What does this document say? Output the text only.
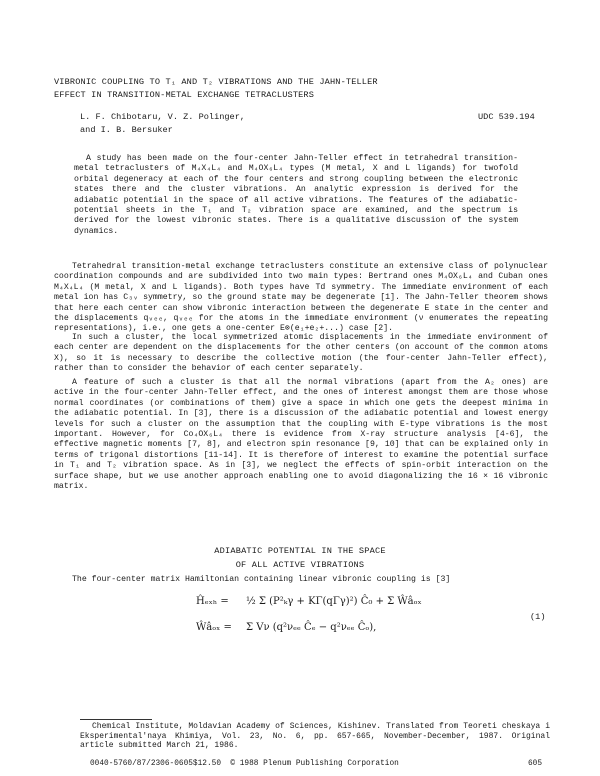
VIBRONIC COUPLING TO T₁ AND T₂ VIBRATIONS AND THE JAHN-TELLER
EFFECT IN TRANSITION-METAL EXCHANGE TETRACLUSTERS
L. F. Chibotaru, V. Z. Polinger,
and I. B. Bersuker
UDC 539.194

A study has been made on the four-center Jahn-Teller effect in tetrahedral transition-metal tetraclusters of M₄X₄L₄ and M₄OX₆L₄ types (M metal, X and L ligands) for twofold orbital degeneracy at each of the four centers and strong coupling between the electronic states there and the cluster vibrations. An analytic expression is derived for the adiabatic potential in the space of all active vibrations. The features of the adiabatic-potential sheets in the T₁ and T₂ vibration space are examined, and the spectrum is derived for the lowest vibronic states. There is a qualitative discussion of the system dynamics.

Tetrahedral transition-metal exchange tetraclusters constitute an extensive class of polynuclear coordination compounds and are subdivided into two main types: Bertrand ones M₄OX₆L₄ and Cuban ones M₄X₄L₄ (M metal, X and L ligands). Both types have Td symmetry. The immediate environment of each metal ion has C₃ᵥ symmetry, so the ground state may be degenerate [1]. The Jahn-Teller theorem shows that here each center can show vibronic interaction between the degenerate E state in the center and the displacements qᵥₑₑ, qᵥₑₑ for the atoms in the immediate environment (ν enumerates the repeating representations), i.e., one gets a one-center E⊗(e₁+e₂+...) case [2].

In such a cluster, the local symmetrized atomic displacements in the immediate environment of each center are dependent on the displacements for the other centers (on account of the common atoms X), so it is necessary to describe the collective motion (the four-center Jahn-Teller effect), rather than to consider the behavior of each center separately.

A feature of such a cluster is that all the normal vibrations (apart from the A₂ ones) are active in the four-center Jahn-Teller effect, and the ones of interest amongst them are those whose normal coordinates (or combinations of them) give a space in which one gets the deepest minima in the adiabatic potential. In [3], there is a discussion of the adiabatic potential and lowest energy levels for such a cluster on the assumption that the coupling with E-type vibrations is the most important. However, for Co₄OX₆L₄ there is evidence from X-ray structure analysis [4-6], the effective magnetic moments [7, 8], and electron spin resonance [9, 10] that can be explained only in terms of trigonal distortions [11-14]. It is therefore of interest to examine the potential surface in T₁ and T₂ vibration space. As in [3], we neglect the effects of spin-orbit interaction on the surface shape, but we use another approach enabling one to avoid diagonalizing the 16 × 16 vibronic matrix.

ADIABATIC POTENTIAL IN THE SPACE
OF ALL ACTIVE VIBRATIONS

The four-center matrix Hamiltonian containing linear vibronic coupling is [3]

Ĥₑₓₕ = ½ Σ (P²ₖγ + KΓ(qΓγ)²) Ĉ₀ + Σ Ŵâₒₓ
Ŵâₒₓ = Σ Vν (q²νₑₑ Ĉₑ − q²νₑₑ Ĉₒ),
(1)

Chemical Institute, Moldavian Academy of Sciences, Kishinev. Translated from Teoreti cheskaya i Eksperimental'naya Khimiya, Vol. 23, No. 6, pp. 657-665, November-December, 1987. Original article submitted March 21, 1986.

0040-5760/87/2306-0605$12.50  © 1988 Plenum Publishing Corporation	605
